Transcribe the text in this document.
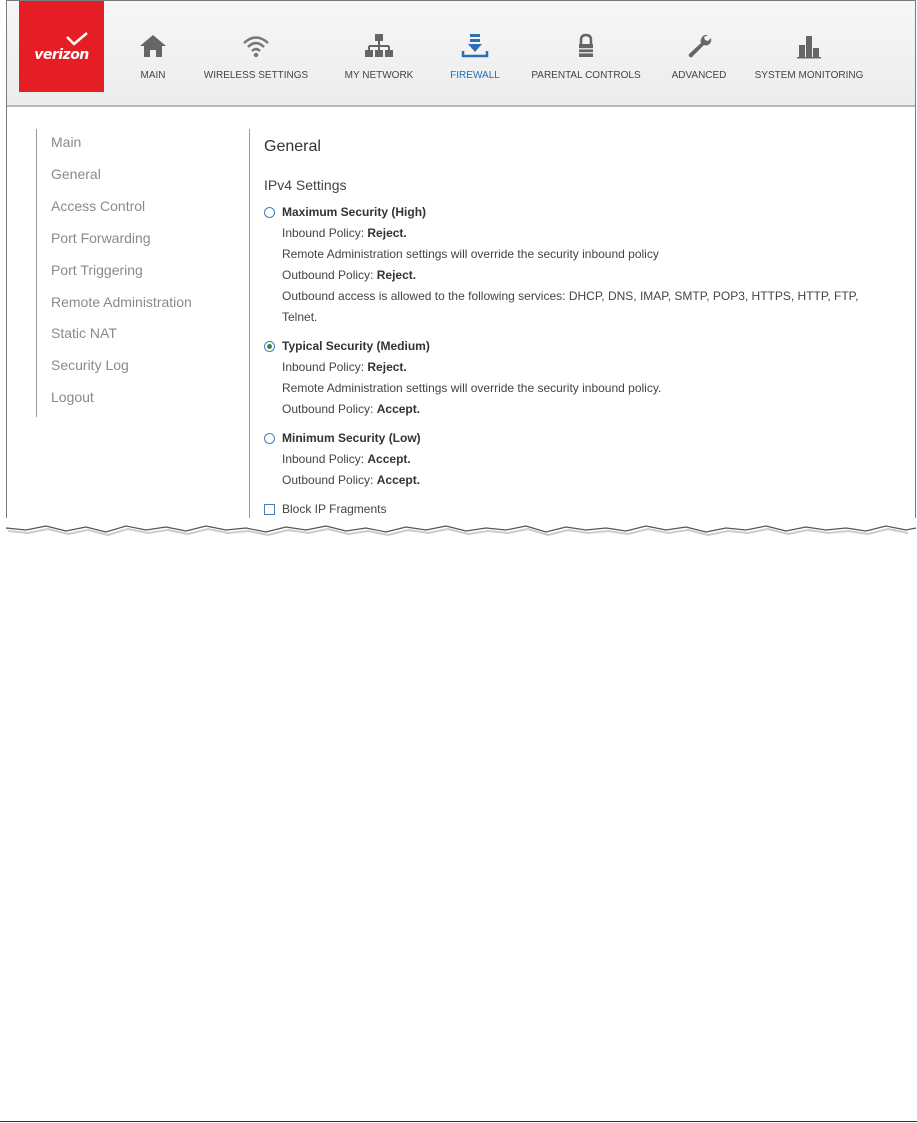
verizon
MAIN	WIRELESS SETTINGS	MY NETWORK	FIREWALL	PARENTAL CONTROLS	ADVANCED	SYSTEM MONITORING
Main
General
Access Control
Port Forwarding
Port Triggering
Remote Administration
Static NAT
Security Log
Logout
General
IPv4 Settings
Maximum Security (High)
Inbound Policy: Reject.
Remote Administration settings will override the security inbound policy
Outbound Policy: Reject.
Outbound access is allowed to the following services: DHCP, DNS, IMAP, SMTP, POP3, HTTPS, HTTP, FTP,
Telnet.
Typical Security (Medium)
Inbound Policy: Reject.
Remote Administration settings will override the security inbound policy.
Outbound Policy: Accept.
Minimum Security (Low)
Inbound Policy: Accept.
Outbound Policy: Accept.
Block IP Fragments
